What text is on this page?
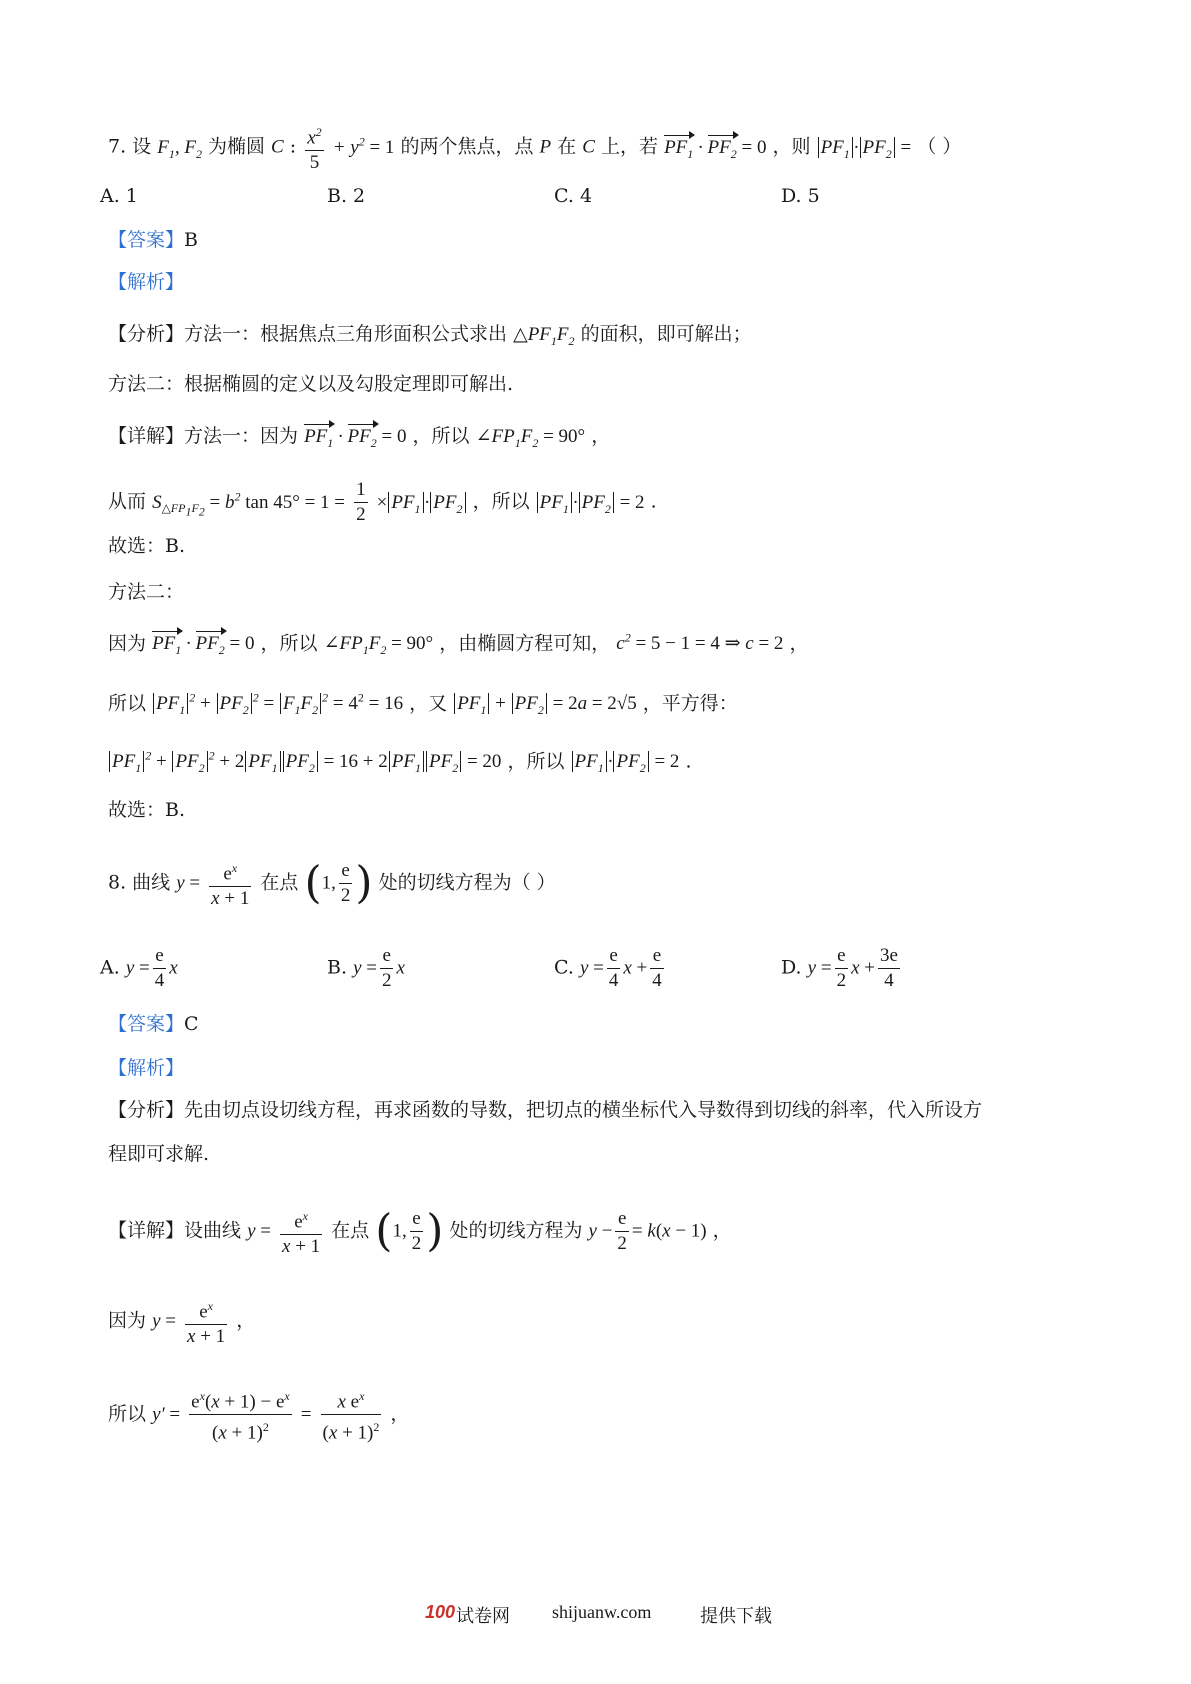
7. 设 $F_1$, $F_2$ 为椭圆 C : $\frac{x^2}{5} + y^2 = 1$ 的两个焦点，点 P 在 C 上，若 $PF_1 \cdot PF_2 = 0$ ，则 $PF_1 \cdot PF_2$ = （ ）
A. 1	B. 2	C. 4	D. 5
【答案】B
【解析】
【分析】方法一：根据焦点三角形面积公式求出 $\triangle PF_1F_2$ 的面积，即可解出；
方法二：根据椭圆的定义以及勾股定理即可解出.
【详解】方法一：因为 $PF_1 \cdot PF_2 = 0$ ，所以 $\angle FP_1F_2 = 90^\circ$ ，
从而 $S_{\triangle FP_1F_2} = b^2$ $\tan 45^\circ = 1 = \frac{1}{2} \times PF_1 \cdot PF_2$ ，所以 $PF_1 \cdot PF_2 = 2$ .
故选：B.
方法二：
因为 $PF_1 \cdot PF_2 = 0$ ，所以 $\angle FP_1F_2 = 90^\circ$ ，由椭圆方程可知， $c^2 = 5 - 1 = 4$ ⇒ c = 2 ，
所以 $PF_1^2 + PF_2^2 = F_1F_2^2 = 4^2 = 16$ ，又 $PF_1 + PF_2 = 2a = 2√5$ ，平方得：
$PF_1^2 + PF_2^2 + 2$ $PF_1$ $PF_2 = 16 + 2$ $PF_1$ $PF_2 = 20$ ，所以 $PF_1 \cdot PF_2 = 2$ .
故选：B.
8. 曲线 $y = \frac{e^x}{x + 1}$ 在点 (1, $\frac{e}{2}$ ) 处的切线方程为（ ）
A. $y = \frac{e}{4}$ x	B. $y = \frac{e}{2}$ x	C. $y = \frac{e}{4}$ $x + \frac{e}{4}$	D. $y = \frac{e}{2}$ $x + \frac{3e}{4}$
【答案】C
【解析】
【分析】先由切点设切线方程，再求函数的导数，把切点的横坐标代入导数得到切线的斜率，代入所设方
程即可求解.
【详解】设曲线 $y = \frac{e^x}{x + 1}$ 在点 (1, $\frac{e}{2}$ ) 处的切线方程为 $y - \frac{e}{2} = k(x - 1)$ ，
因为 $y = \frac{e^x}{x + 1}$ ，
所以 $y' = \frac{e^x(x + 1) - e^x}{(x + 1)^2} = \frac{x e^x}{(x + 1)^2}$ ，
100 试卷网 shijuanw.com	提供下载
